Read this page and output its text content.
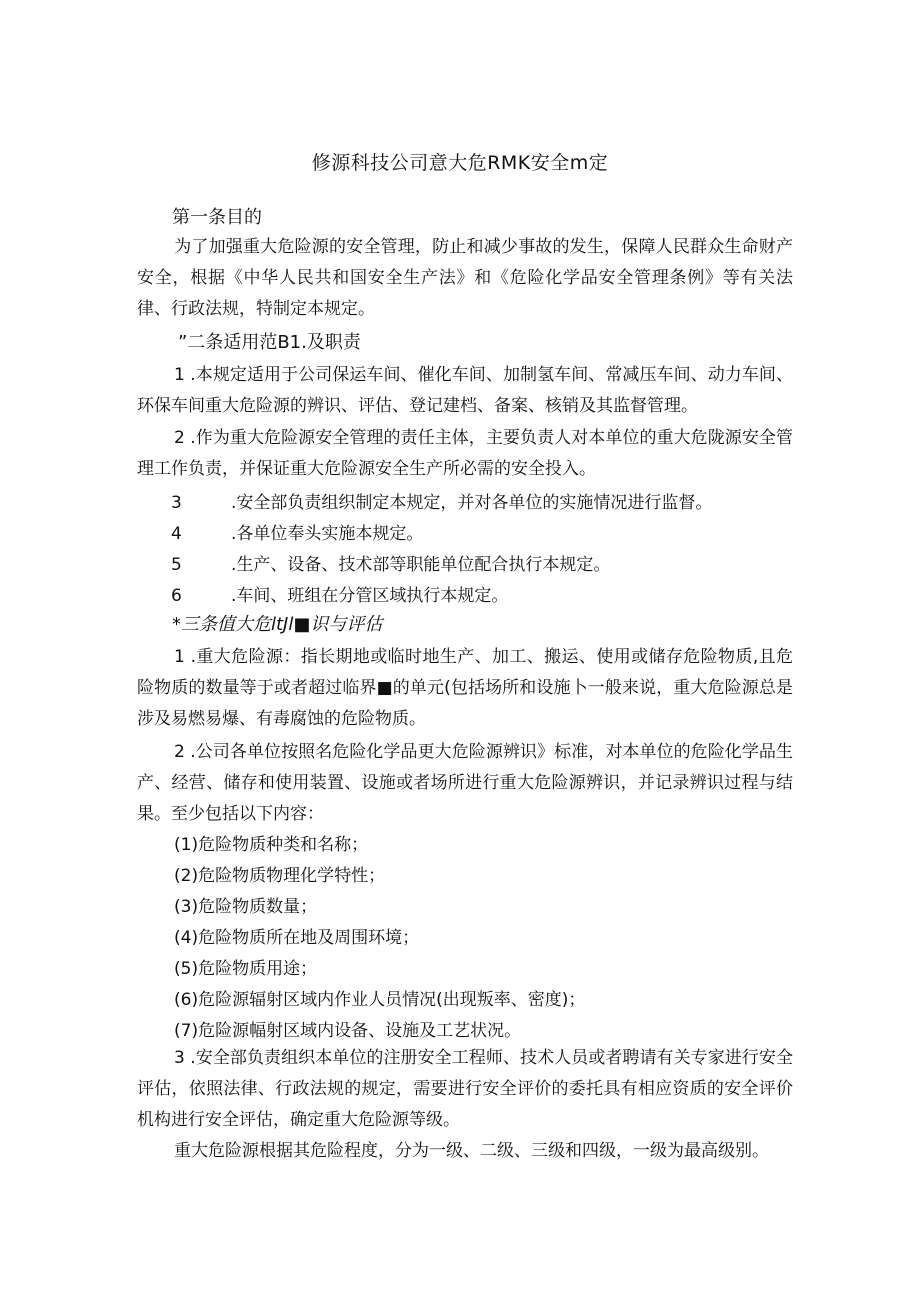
修源科技公司意大危RMK安全m定
第一条目的
为了加强重大危险源的安全管理，防止和减少事故的发生，保障人民群众生命财产安全，根据《中华人民共和国安全生产法》和《危险化学品安全管理条例》等有关法律、行政法规，特制定本规定。
”二条适用范B1.及职责
1 .本规定适用于公司保运车间、催化车间、加制氢车间、常减压车间、动力车间、环保车间重大危险源的辨识、评估、登记建档、备案、核销及其监督管理。
2 .作为重大危险源安全管理的责任主体，主要负责人对本单位的重大危陇源安全管理工作负责，并保证重大危险源安全生产所必需的安全投入。
3	.安全部负责组织制定本规定，并对各单位的实施情况进行监督。
4	.各单位奉头实施本规定。
5	.生产、设备、技术部等职能单位配合执行本规定。
6	.车间、班组在分管区域执行本规定。
*三条值大危ltJl■识与评估
1 .重大危险源：指长期地或临时地生产、加工、搬运、使用或储存危险物质,且危险物质的数量等于或者超过临界■的单元(包括场所和设施卜一般来说，重大危险源总是涉及易燃易爆、有毒腐蚀的危险物质。
2 .公司各单位按照名危险化学品更大危险源辨识》标准，对本单位的危险化学品生产、经营、储存和使用装置、设施或者场所进行重大危险源辨识，并记录辨识过程与结果。至少包括以下内容：
(1)危险物质种类和名称；
(2)危险物质物理化学特性；
(3)危险物质数量；
(4)危险物质所在地及周围环境；
(5)危险物质用途；
(6)危险源辐射区域内作业人员情况(出现叛率、密度)；
(7)危险源幅射区域内设备、设施及工艺状况。
3 .安全部负责组织本单位的注册安全工程师、技术人员或者聘请有关专家进行安全评估，依照法律、行政法规的规定，需要进行安全评价的委托具有相应资质的安全评价机构进行安全评估，确定重大危险源等级。
重大危险源根据其危险程度，分为一级、二级、三级和四级，一级为最高级别。
